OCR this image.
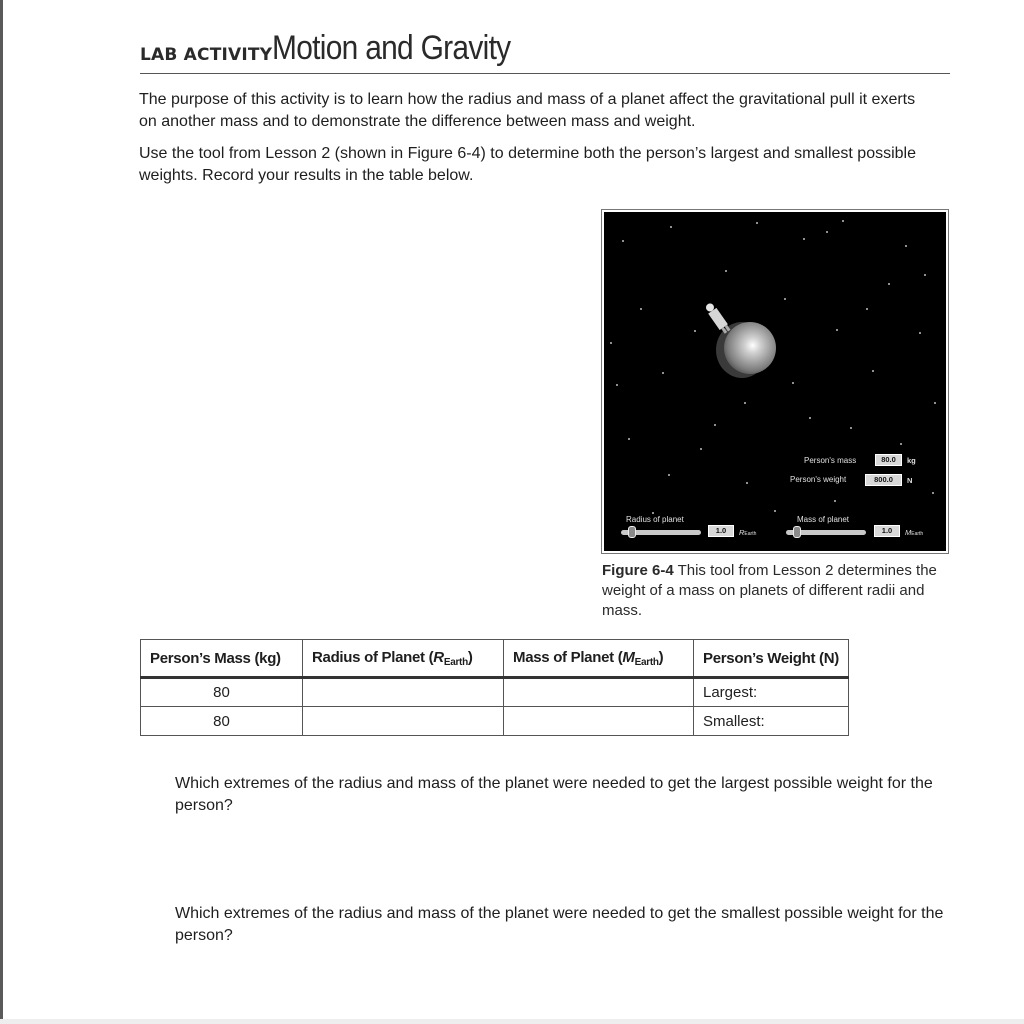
LAB ACTIVITY Motion and Gravity

The purpose of this activity is to learn how the radius and mass of a planet affect the gravitational pull it exerts on another mass and to demonstrate the difference between mass and weight.

Use the tool from Lesson 2 (shown in Figure 6-4) to determine both the person’s largest and smallest possible weights. Record your results in the table below.

Person's mass	80.0	kg
Person's weight	800.0	N
Radius of planet
1.0	REarth
Mass of planet
1.0	MEarth

Figure 6-4 This tool from Lesson 2 determines the weight of a mass on planets of different radii and mass.

Person’s Mass (kg)	Radius of Planet $(R_{Earth})$	Mass of Planet $(M_{Earth})$	Person’s Weight (N)
80			Largest:
80			Smallest:

Which extremes of the radius and mass of the planet were needed to get the largest possible weight for the person?

Which extremes of the radius and mass of the planet were needed to get the smallest possible weight for the person?
